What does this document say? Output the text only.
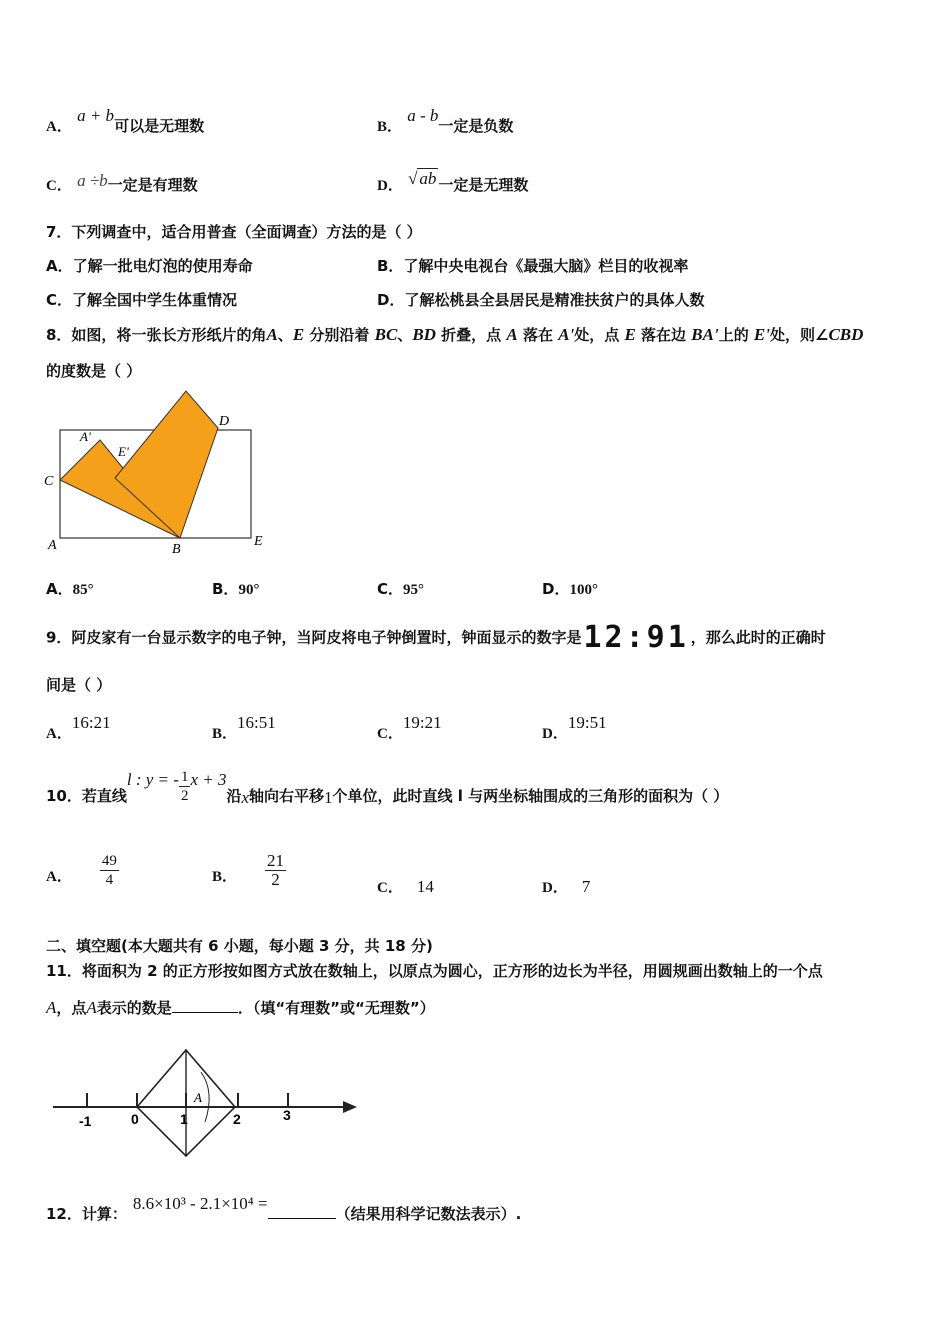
A． a + b可以是无理数	B． a - b一定是负数
C． a ÷b一定是有理数	D． √ ab 一定是无理数
7．下列调查中，适合用普查（全面调查）方法的是（ ）
A．了解一批电灯泡的使用寿命	B．了解中央电视台《最强大脑》栏目的收视率
C．了解全国中学生体重情况	D．了解松桃县全县居民是精准扶贫户的具体人数
8．如图，将一张长方形纸片的角A、E 分别沿着 BC、BD 折叠，点 A 落在 A'处，点 E 落在边 BA'上的 E'处，则∠CBD
的度数是（ ）
A	B
C
D
E
A'
E'
A．85°	B．90°	C．95°	D．100°
9．阿皮家有一台显示数字的电子钟，当阿皮将电子钟倒置时，钟面显示的数字是12:91 ，那么此时的正确时
间是（ ）
A．16:21
B．16:51
C．19:21
D．19:51
10．若直线l : y = - $\frac{1}{2}$ x + 3沿x轴向右平移1个单位，此时直线 l 与两坐标轴围成的三角形的面积为（ ）
A． $\frac{49}{4}$	B． $\frac{21}{2}$	C． 14	D． 7
二、填空题(本大题共有 6 小题，每小题 3 分，共 18 分)
11．将面积为 2 的正方形按如图方式放在数轴上，以原点为圆心，正方形的边长为半径，用圆规画出数轴上的一个点
A，点A表示的数是	．（填“有理数”或“无理数”）
-1	0	1	2	3
A
12．计算：8.6×10³ - 2.1×10⁴ =（结果用科学记数法表示）.
